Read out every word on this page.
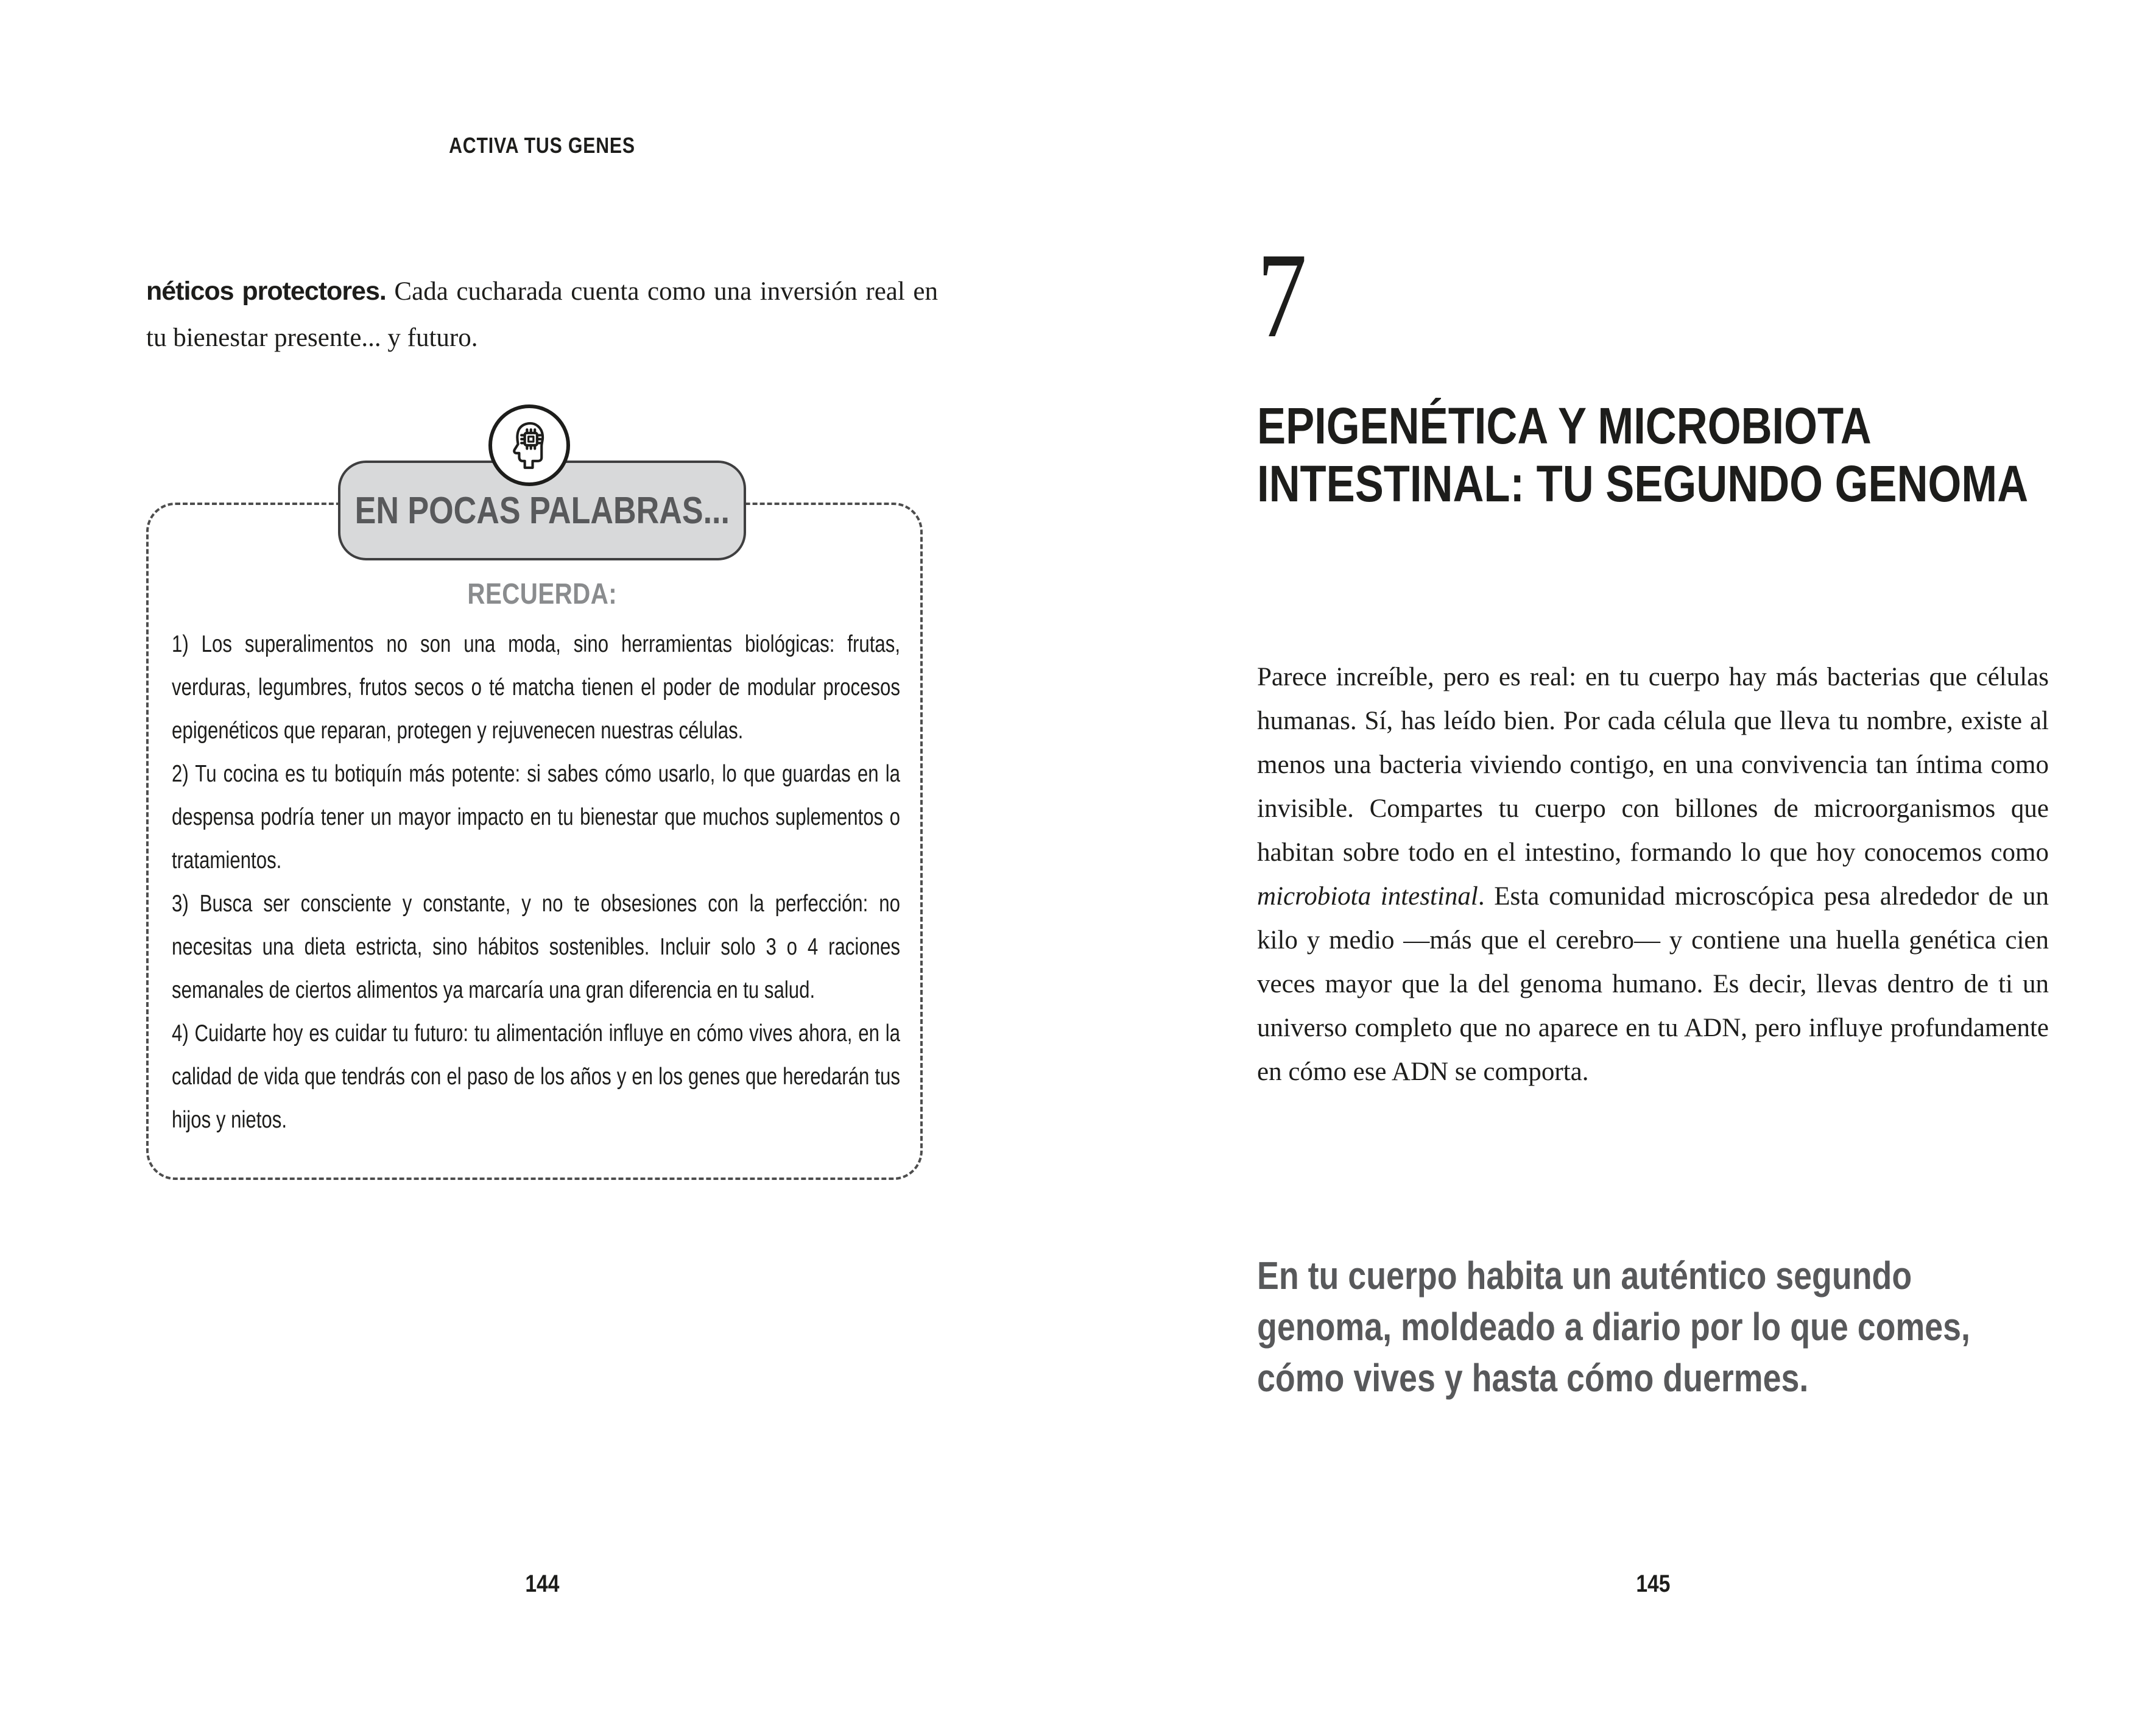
ACTIVA TUS GENES

néticos protectores. Cada cucharada cuenta como una inversión real en tu bienestar presente... y futuro.

EN POCAS PALABRAS...
RECUERDA:

1) Los superalimentos no son una moda, sino herramientas biológicas: frutas, verduras, legumbres, frutos secos o té matcha tienen el poder de modular procesos epigenéticos que reparan, protegen y rejuvenecen nuestras células.

2) Tu cocina es tu botiquín más potente: si sabes cómo usarlo, lo que guardas en la despensa podría tener un mayor impacto en tu bienestar que muchos suplementos o tratamientos.

3) Busca ser consciente y constante, y no te obsesiones con la perfección: no necesitas una dieta estricta, sino hábitos sostenibles. Incluir solo 3 o 4 raciones semanales de ciertos alimentos ya marcaría una gran diferencia en tu salud.

4) Cuidarte hoy es cuidar tu futuro: tu alimentación influye en cómo vives ahora, en la calidad de vida que tendrás con el paso de los años y en los genes que heredarán tus hijos y nietos.

144
7
EPIGENÉTICA Y MICROBIOTA
INTESTINAL: TU SEGUNDO GENOMA

Parece increíble, pero es real: en tu cuerpo hay más bacterias que células humanas. Sí, has leído bien. Por cada célula que lleva tu nombre, existe al menos una bacteria viviendo contigo, en una convivencia tan íntima como invisible. Compartes tu cuerpo con billones de microorganismos que habitan sobre todo en el intestino, formando lo que hoy conocemos como microbiota intestinal. Esta comunidad microscópica pesa alrededor de un kilo y medio —más que el cerebro— y contiene una huella genética cien veces mayor que la del genoma humano. Es decir, llevas dentro de ti un universo completo que no aparece en tu ADN, pero influye profundamente en cómo ese ADN se comporta.

En tu cuerpo habita un auténtico segundo
genoma, moldeado a diario por lo que comes,
cómo vives y hasta cómo duermes.
145
